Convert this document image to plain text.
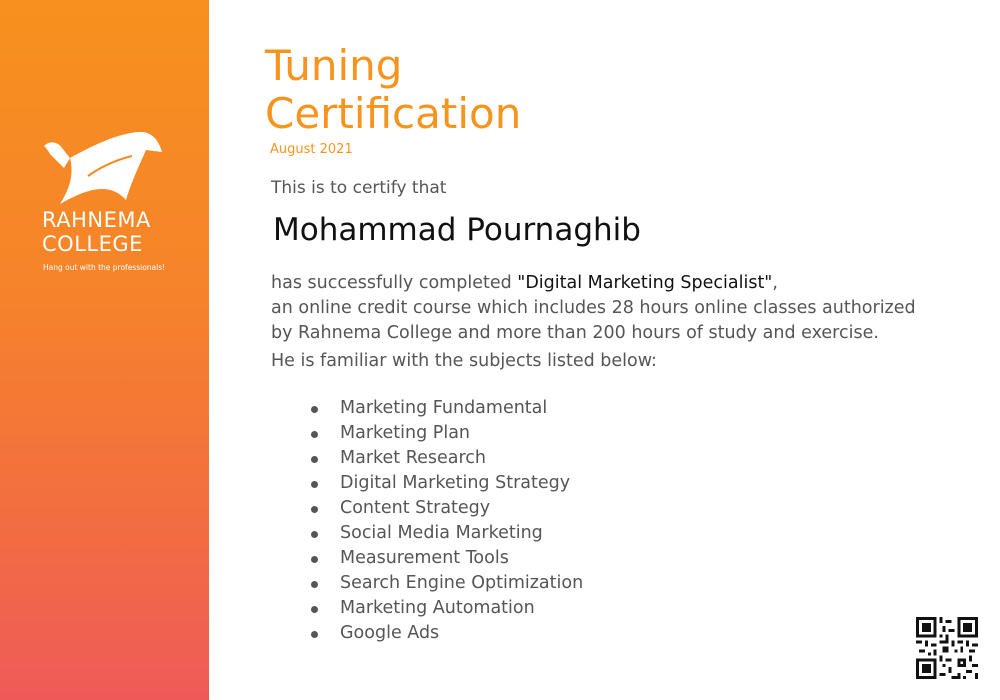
RAHNEMA
COLLEGE
Hang out with the professionals!
Tuning
Certification
August 2021
This is to certify that
Mohammad Pournaghib
has successfully completed "Digital Marketing Specialist",
an online credit course which includes 28 hours online classes authorized
by Rahnema College and more than 200 hours of study and exercise.
He is familiar with the subjects listed below:
Marketing Fundamental
Marketing Plan
Market Research
Digital Marketing Strategy
Content Strategy
Social Media Marketing
Measurement Tools
Search Engine Optimization
Marketing Automation
Google Ads
